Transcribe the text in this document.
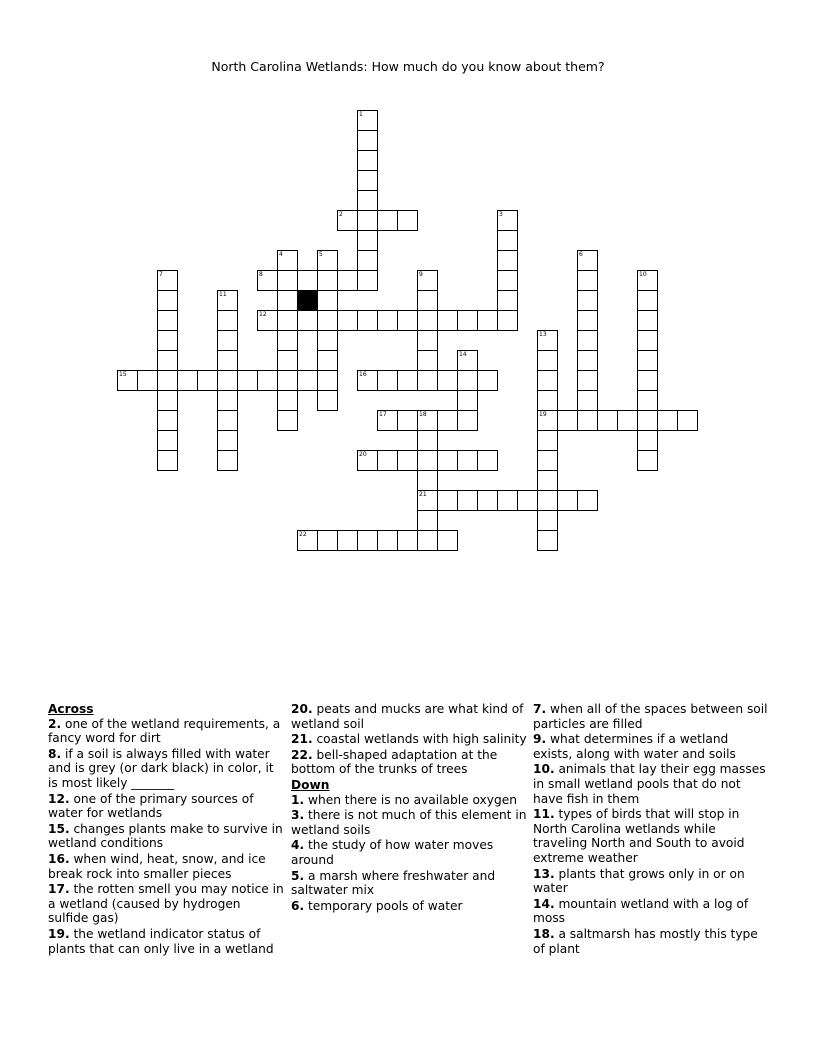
North Carolina Wetlands: How much do you know about them?
1
2	3
4	5	6
7	8	9	10
11
12
13
19
14
15	16
17	18
21
20
22
Across
2. one of the wetland requirements, a fancy word for dirt
8. if a soil is always filled with water and is grey (or dark black) in color, it is most likely _______
12. one of the primary sources of water for wetlands
15. changes plants make to survive in wetland conditions
16. when wind, heat, snow, and ice break rock into smaller pieces
17. the rotten smell you may notice in a wetland (caused by hydrogen sulfide gas)
19. the wetland indicator status of plants that can only live in a wetland
20. peats and mucks are what kind of wetland soil
21. coastal wetlands with high salinity
22. bell-shaped adaptation at the bottom of the trunks of trees
Down
1. when there is no available oxygen
3. there is not much of this element in wetland soils
4. the study of how water moves around
5. a marsh where freshwater and saltwater mix
6. temporary pools of water
7. when all of the spaces between soil particles are filled
9. what determines if a wetland exists, along with water and soils
10. animals that lay their egg masses in small wetland pools that do not have fish in them
11. types of birds that will stop in North Carolina wetlands while traveling North and South to avoid extreme weather
13. plants that grows only in or on water
14. mountain wetland with a log of moss
18. a saltmarsh has mostly this type of plant
